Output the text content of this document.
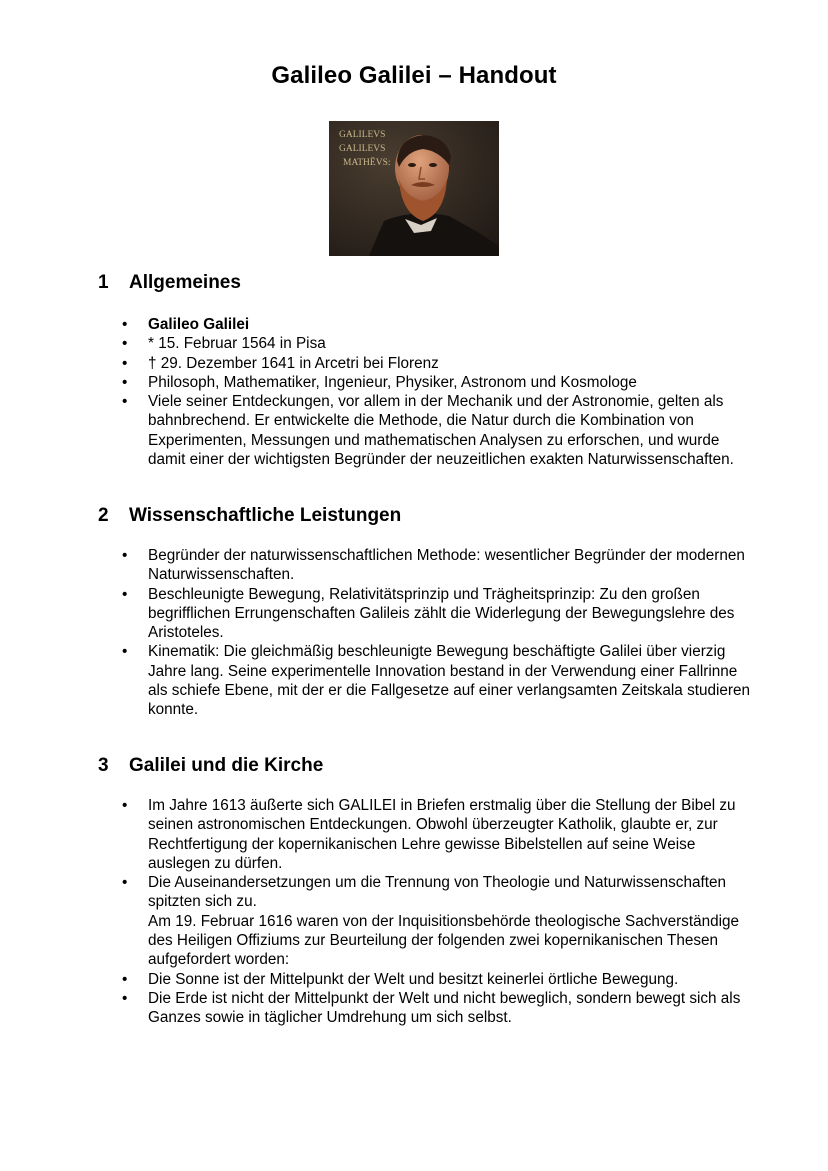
Galileo Galilei – Handout
GALILEVS
GALILEVS
MATHĒVS:
1 Allgemeines
• Galileo Galilei
• * 15. Februar 1564 in Pisa
• † 29. Dezember 1641 in Arcetri bei Florenz
• Philosoph, Mathematiker, Ingenieur, Physiker, Astronom und Kosmologe
• Viele seiner Entdeckungen, vor allem in der Mechanik und der Astronomie, gelten als bahnbrechend. Er entwickelte die Methode, die Natur durch die Kombination von Experimenten, Messungen und mathematischen Analysen zu erforschen, und wurde damit einer der wichtigsten Begründer der neuzeitlichen exakten Naturwissenschaften.
2 Wissenschaftliche Leistungen
• Begründer der naturwissenschaftlichen Methode: wesentlicher Begründer der modernen Naturwissenschaften.
• Beschleunigte Bewegung, Relativitätsprinzip und Trägheitsprinzip: Zu den großen begrifflichen Errungenschaften Galileis zählt die Widerlegung der Bewegungslehre des Aristoteles.
• Kinematik: Die gleichmäßig beschleunigte Bewegung beschäftigte Galilei über vierzig Jahre lang. Seine experimentelle Innovation bestand in der Verwendung einer Fallrinne als schiefe Ebene, mit der er die Fallgesetze auf einer verlangsamten Zeitskala studieren konnte.
3 Galilei und die Kirche
• Im Jahre 1613 äußerte sich GALILEI in Briefen erstmalig über die Stellung der Bibel zu seinen astronomischen Entdeckungen. Obwohl überzeugter Katholik, glaubte er, zur Rechtfertigung der kopernikanischen Lehre gewisse Bibelstellen auf seine Weise auslegen zu dürfen.
• Die Auseinandersetzungen um die Trennung von Theologie und Naturwissenschaften spitzten sich zu.
Am 19. Februar 1616 waren von der Inquisitionsbehörde theologische Sachverständige des Heiligen Offiziums zur Beurteilung der folgenden zwei kopernikanischen Thesen aufgefordert worden:
• Die Sonne ist der Mittelpunkt der Welt und besitzt keinerlei örtliche Bewegung.
• Die Erde ist nicht der Mittelpunkt der Welt und nicht beweglich, sondern bewegt sich als Ganzes sowie in täglicher Umdrehung um sich selbst.
